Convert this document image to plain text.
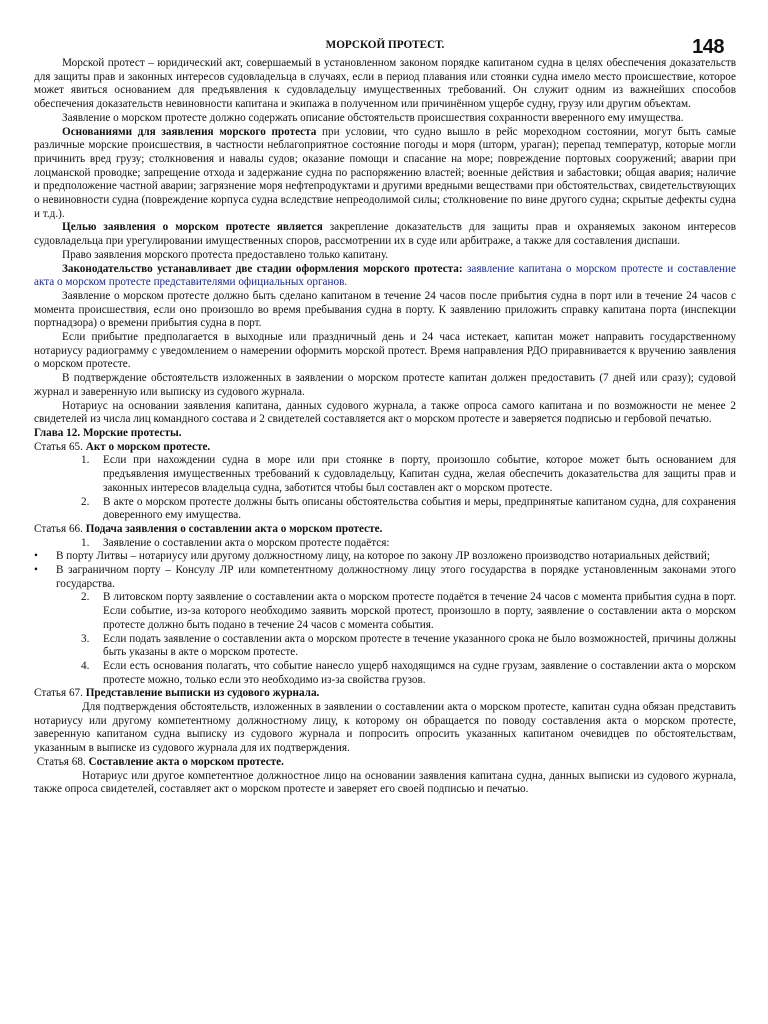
148
МОРСКОЙ ПРОТЕСТ.

Морской протест – юридический акт, совершаемый в установленном законом порядке капитаном судна в целях обеспечения доказательств для защиты прав и законных интересов судовладельца в случаях, если в период плавания или стоянки судна имело место происшествие, которое может явиться основанием для предъявления к судовладельцу имущественных требований. Он служит одним из важнейших способов обеспечения доказательств невиновности капитана и экипажа в полученном или причинённом ущербе судну, грузу или другим объектам.

Заявление о морском протесте должно содержать описание обстоятельств происшествия сохранности вверенного ему имущества.

Основаниями для заявления морского протеста при условии, что судно вышло в рейс мореходном состоянии, могут быть самые различные морские происшествия, в частности неблагоприятное состояние погоды и моря (шторм, ураган); перепад температур, которые могли причинить вред грузу; столкновения и навалы судов; оказание помощи и спасание на море; повреждение портовых сооружений; аварии при лоцманской проводке; запрещение отхода и задержание судна по распоряжению властей; военные действия и забастовки; общая авария; наличие и предположение частной аварии; загрязнение моря нефтепродуктами и другими вредными веществами при обстоятельствах, свидетельствующих о невиновности судна (повреждение корпуса судна вследствие непреодолимой силы; столкновение по вине другого судна; скрытые дефекты судна и т.д.).

Целью заявления о морском протесте является закрепление доказательств для защиты прав и охраняемых законом интересов судовладельца при урегулировании имущественных споров, рассмотрении их в суде или арбитраже, а также для составления диспаши.

Право заявления морского протеста предоставлено только капитану.

Законодательство устанавливает две стадии оформления морского протеста: заявление капитана о морском протесте и составление акта о морском протесте представителями официальных органов.

Заявление о морском протесте должно быть сделано капитаном в течение 24 часов после прибытия судна в порт или в течение 24 часов с момента происшествия, если оно произошло во время пребывания судна в порту. К заявлению приложить справку капитана порта (инспекции портнадзора) о времени прибытия судна в порт.

Если прибытие предполагается в выходные или праздничный день и 24 часа истекает, капитан может направить государственному нотариусу радиограмму с уведомлением о намерении оформить морской протест. Время направления РДО приравнивается к вручению заявления о морском протесте.

В подтверждение обстоятельств изложенных в заявлении о морском протесте капитан должен предоставить (7 дней или сразу); судовой журнал и заверенную или выписку из судового журнала.

Нотариус на основании заявления капитана, данных судового журнала, а также опроса самого капитана и по возможности не менее 2 свидетелей из числа лиц командного состава и 2 свидетелей составляется акт о морском протесте и заверяется подписью и гербовой печатью.

Глава 12. Морские протесты.

Статья 65. Акт о морском протесте.

1.	Если при нахождении судна в море или при стоянке в порту, произошло событие, которое может быть основанием для предъявления имущественных требований к судовладельцу, Капитан судна, желая обеспечить доказательства для защиты прав и законных интересов владельца судна, заботится чтобы был составлен акт о морском протесте.
2.	В акте о морском протесте должны быть описаны обстоятельства события и меры, предпринятые капитаном судна, для сохранения доверенного ему имущества.

Статья 66. Подача заявления о составлении акта о морском протесте.

1.	Заявление о составлении акта о морском протесте подаётся:
•	В порту Литвы – нотариусу или другому должностному лицу, на которое по закону ЛР возложено производство нотариальных действий;
•	В заграничном порту – Консулу ЛР или компетентному должностному лицу этого государства в порядке установленным законами этого государства.
2.	В литовском порту заявление о составлении акта о морском протесте подаётся в течение 24 часов с момента прибытия судна в порт. Если событие, из-за которого необходимо заявить морской протест, произошло в порту, заявление о составлении акта о морском протесте должно быть подано в течение 24 часов с момента события.
3.	Если подать заявление о составлении акта о морском протесте в течение указанного срока не было возможностей, причины должны быть указаны в акте о морском протесте.
4.	Если есть основания полагать, что событие нанесло ущерб находящимся на судне грузам, заявление о составлении акта о морском протесте можно, только если это необходимо из-за свойства грузов.

Статья 67. Представление выписки из судового журнала.

Для подтверждения обстоятельств, изложенных в заявлении о составлении акта о морском протесте, капитан судна обязан представить нотариусу или другому компетентному должностному лицу, к которому он обращается по поводу составления акта о морском протесте, заверенную капитаном судна выписку из судового журнала и попросить опросить указанных капитаном очевидцев по обстоятельствам, указанным в выписке из судового журнала для их подтверждения.

Статья 68. Составление акта о морском протесте.

Нотариус или другое компетентное должностное лицо на основании заявления капитана судна, данных выписки из судового журнала, также опроса свидетелей, составляет акт о морском протесте и заверяет его своей подписью и печатью.
